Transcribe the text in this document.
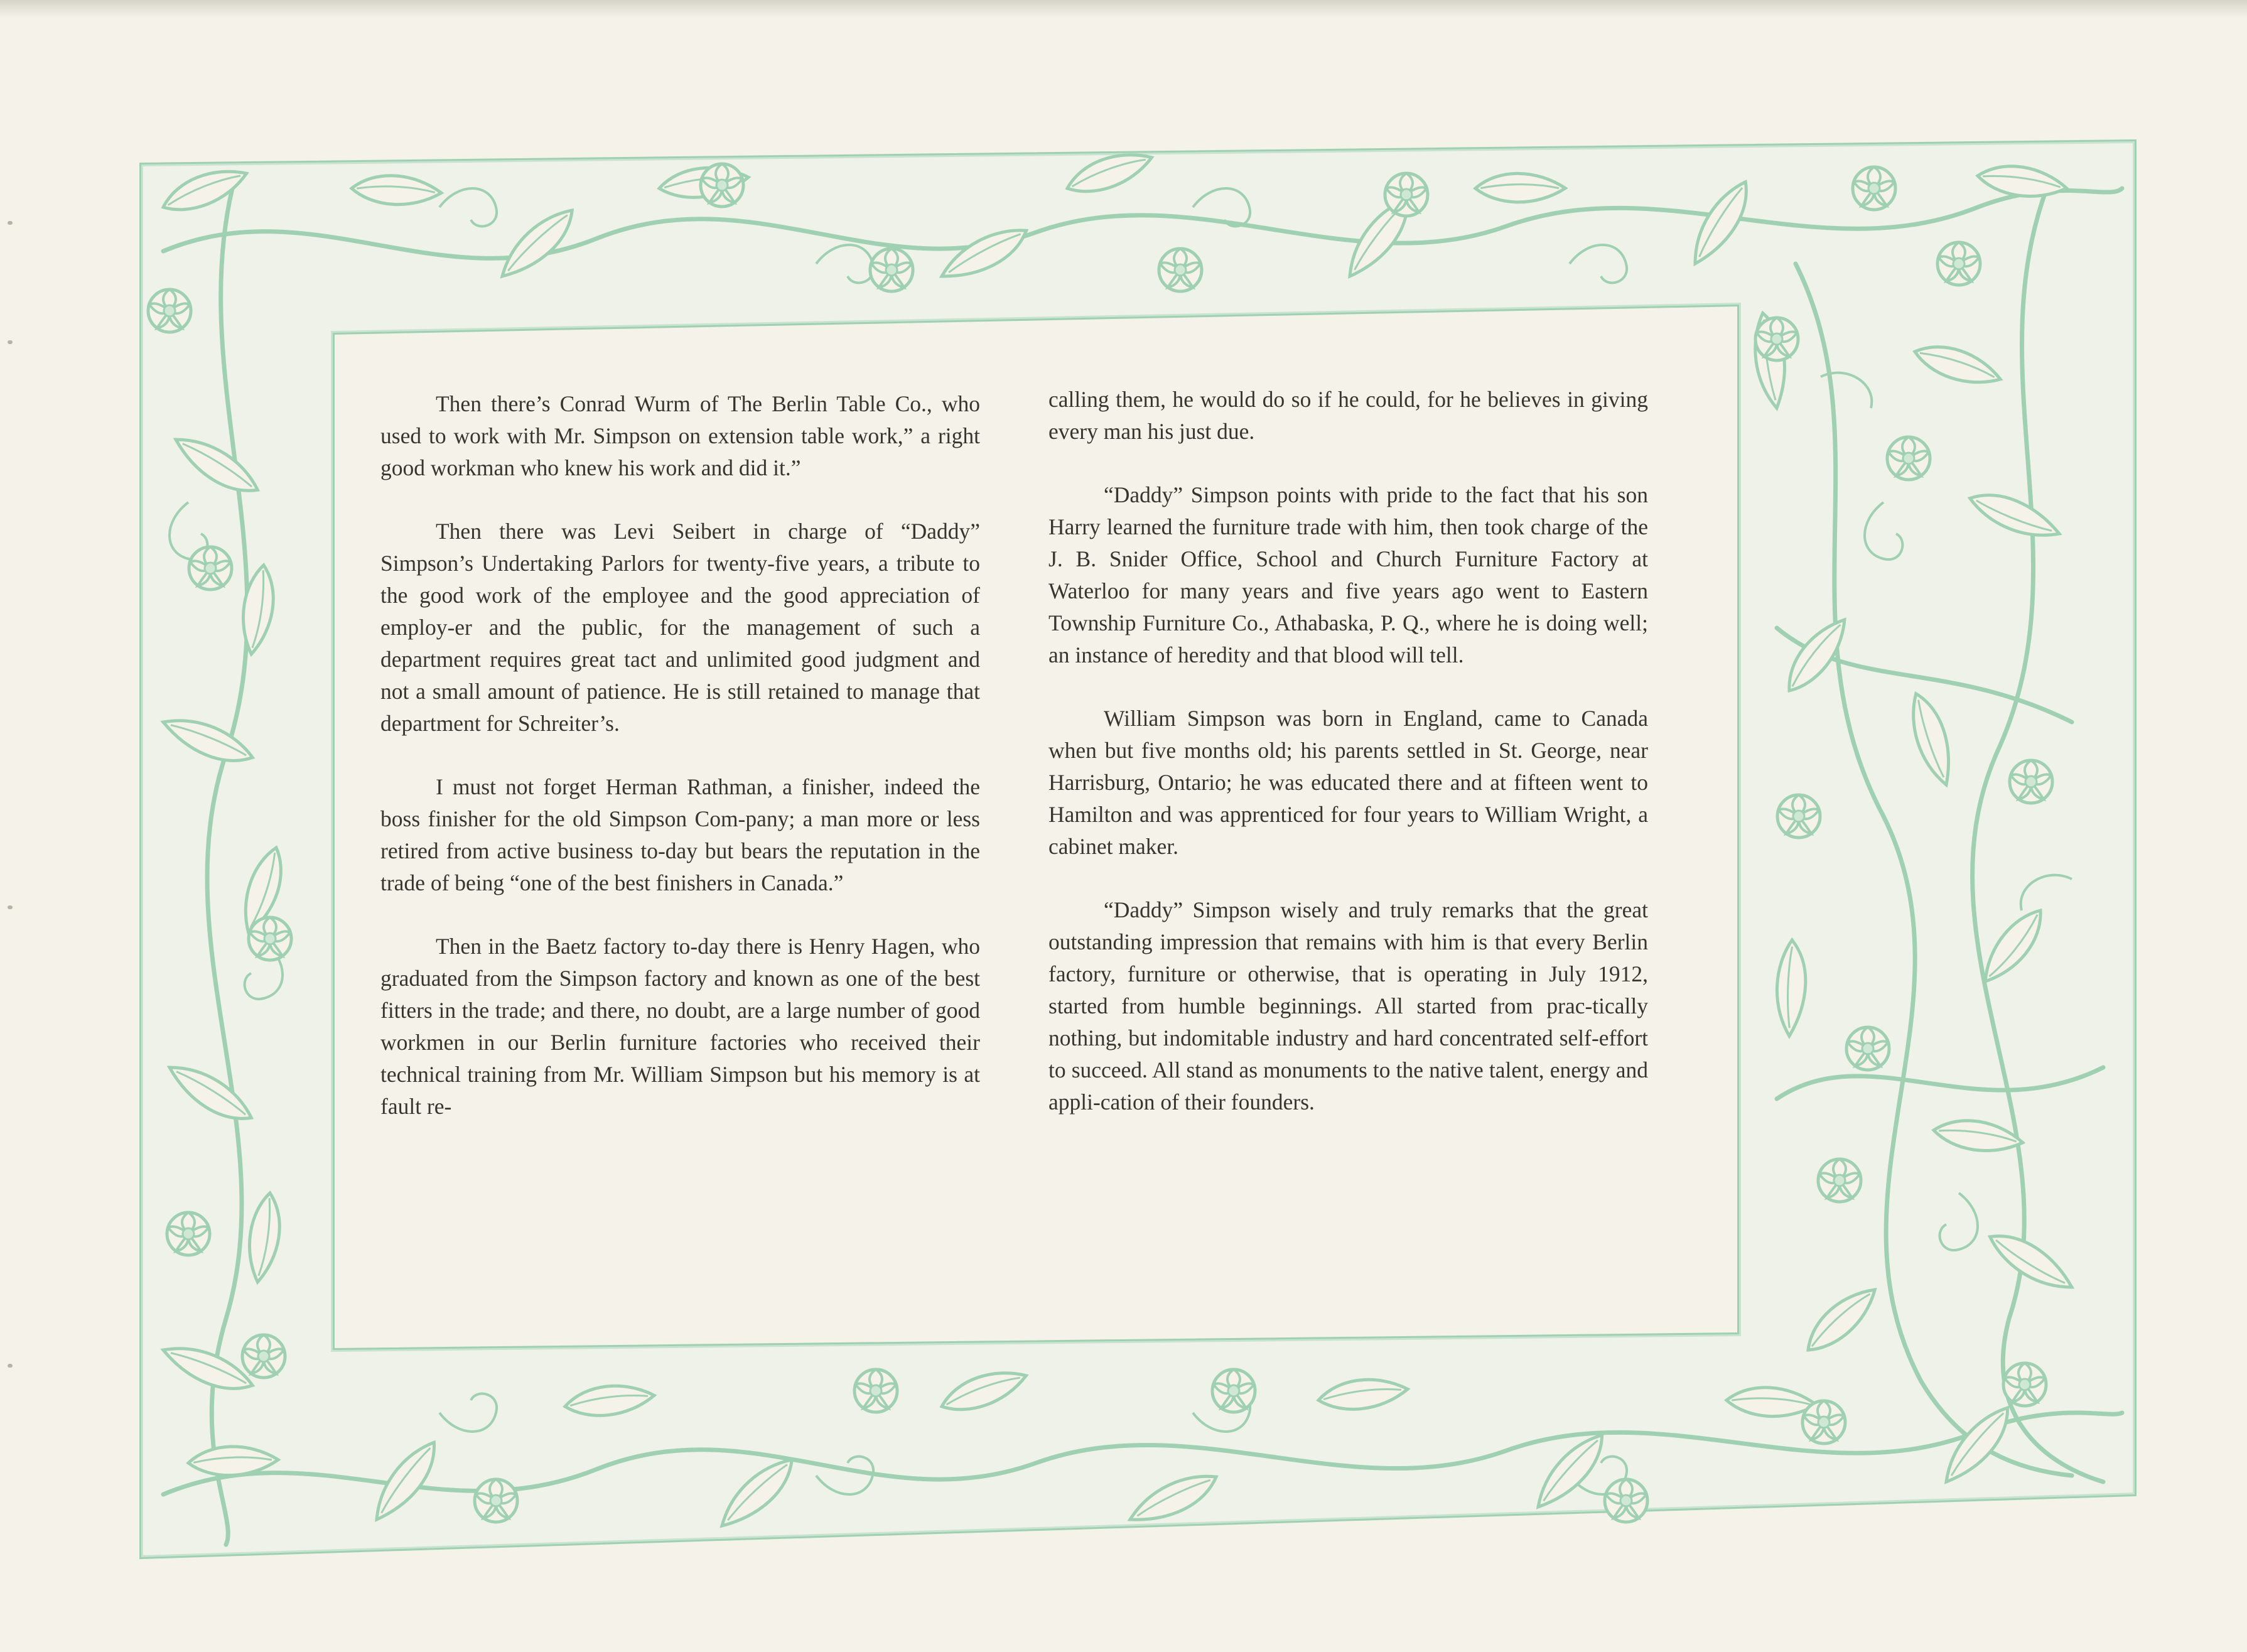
Then there’s Conrad Wurm of The Berlin Table Co., who used to work with Mr. Simpson on extension table work,” a right good workman who knew his work and did it.”

Then there was Levi Seibert in charge of “Daddy” Simpson’s Undertaking Parlors for twenty-five years, a tribute to the good work of the employee and the good appreciation of employ-er and the public, for the management of such a department requires great tact and unlimited good judgment and not a small amount of patience. He is still retained to manage that department for Schreiter’s.

I must not forget Herman Rathman, a finisher, indeed the boss finisher for the old Simpson Com-pany; a man more or less retired from active business to-day but bears the reputation in the trade of being “one of the best finishers in Canada.”

Then in the Baetz factory to-day there is Henry Hagen, who graduated from the Simpson factory and known as one of the best fitters in the trade; and there, no doubt, are a large number of good workmen in our Berlin furniture factories who received their technical training from Mr. William Simpson but his memory is at fault re-

calling them, he would do so if he could, for he believes in giving every man his just due.

“Daddy” Simpson points with pride to the fact that his son Harry learned the furniture trade with him, then took charge of the J. B. Snider Office, School and Church Furniture Factory at Waterloo for many years and five years ago went to Eastern Township Furniture Co., Athabaska, P. Q., where he is doing well; an instance of heredity and that blood will tell.

William Simpson was born in England, came to Canada when but five months old; his parents settled in St. George, near Harrisburg, Ontario; he was educated there and at fifteen went to Hamilton and was apprenticed for four years to William Wright, a cabinet maker.

“Daddy” Simpson wisely and truly remarks that the great outstanding impression that remains with him is that every Berlin factory, furniture or otherwise, that is operating in July 1912, started from humble beginnings. All started from prac-tically nothing, but indomitable industry and hard concentrated self-effort to succeed. All stand as monuments to the native talent, energy and appli-cation of their founders.
